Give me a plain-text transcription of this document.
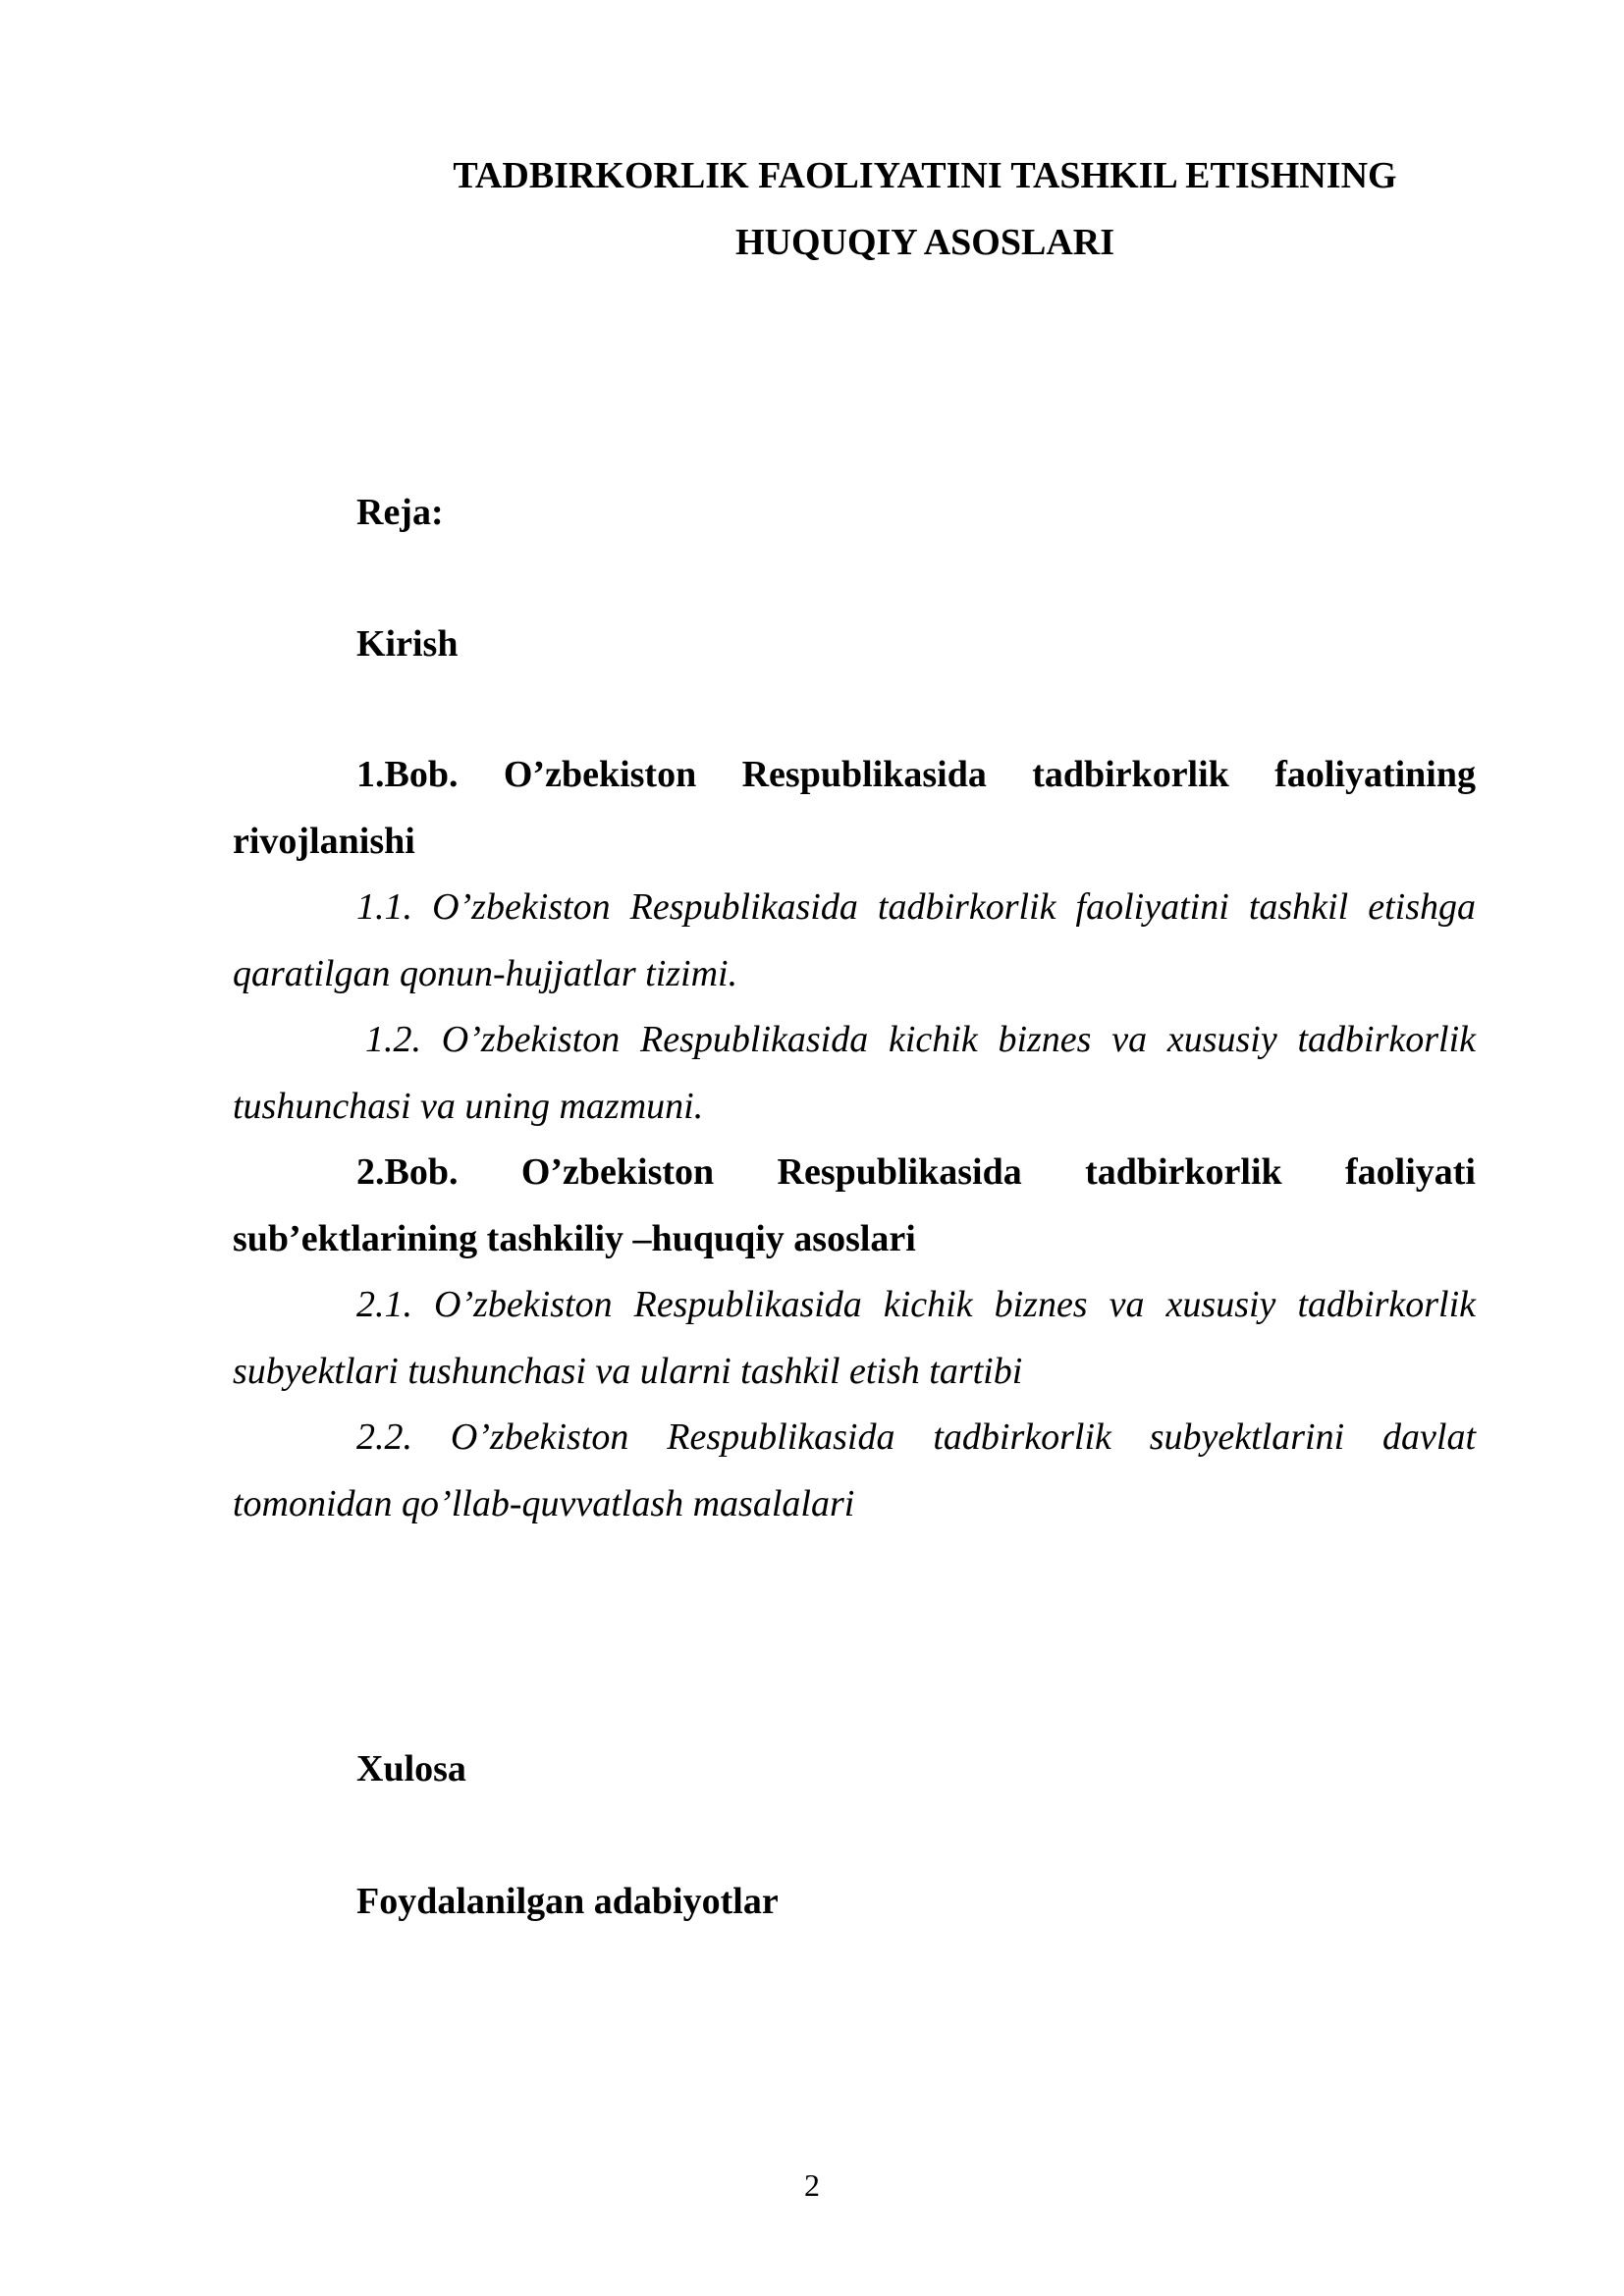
TADBIRKORLIK FAOLIYATINI TASHKIL ETISHNING

HUQUQIY ASOSLARI

Reja:

Kirish

1.Bob. O’zbekiston Respublikasida tadbirkorlik faoliyatining rivojlanishi

1.1. O’zbekiston Respublikasida tadbirkorlik faoliyatini tashkil etishga qaratilgan qonun-hujjatlar tizimi.

1.2. O’zbekiston Respublikasida kichik biznes va xususiy tadbirkorlik tushunchasi va uning mazmuni.

2.Bob. O’zbekiston Respublikasida tadbirkorlik faoliyati sub’ektlarining tashkiliy –huquqiy asoslari

2.1. O’zbekiston Respublikasida kichik biznes va xususiy tadbirkorlik subyektlari tushunchasi va ularni tashkil etish tartibi

2.2. O’zbekiston Respublikasida tadbirkorlik subyektlarini davlat tomonidan qo’llab-quvvatlash masalalari

Xulosa

Foydalanilgan adabiyotlar

2
